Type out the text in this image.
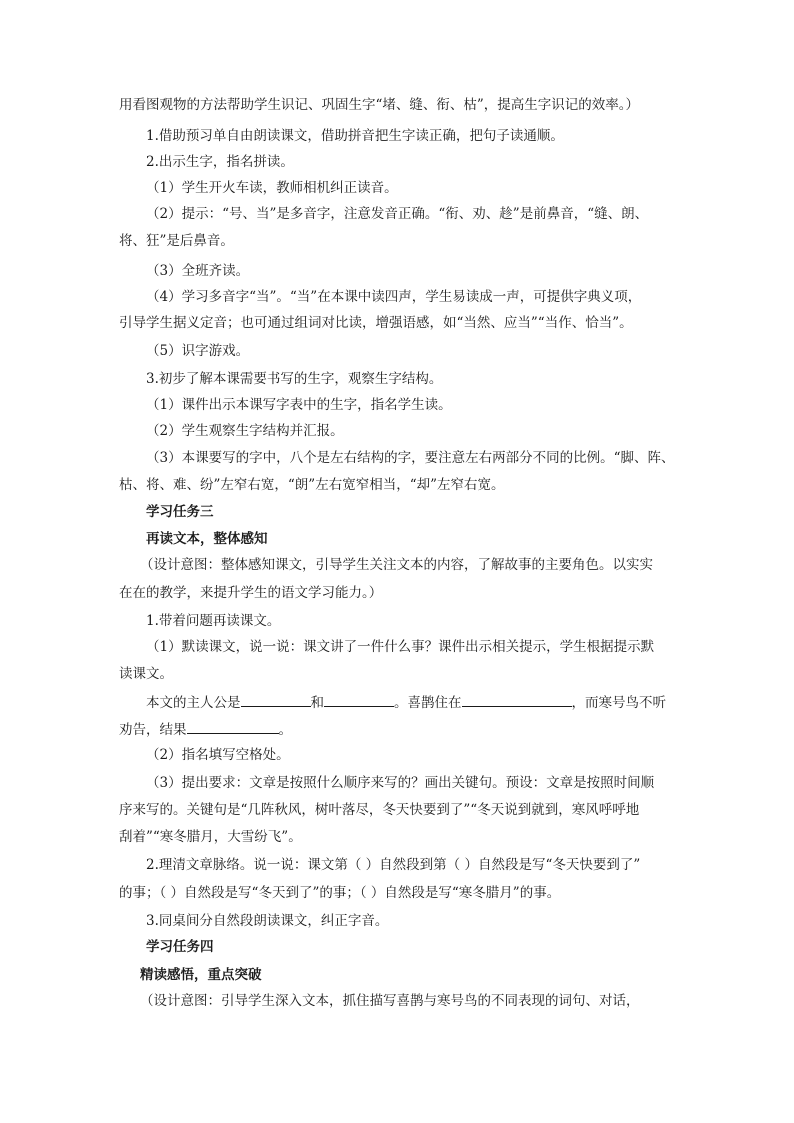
用看图观物的方法帮助学生识记、巩固生字“堵、缝、衔、枯”，提高生字识记的效率。）
1.借助预习单自由朗读课文，借助拼音把生字读正确，把句子读通顺。
2.出示生字，指名拼读。
（1）学生开火车读，教师相机纠正读音。
（2）提示：“号、当”是多音字，注意发音正确。“衔、劝、趁”是前鼻音，“缝、朗、
将、狂”是后鼻音。
（3）全班齐读。
（4）学习多音字“当”。“当”在本课中读四声，学生易读成一声，可提供字典义项，
引导学生据义定音；也可通过组词对比读，增强语感，如“当然、应当”“当作、恰当”。
（5）识字游戏。
3.初步了解本课需要书写的生字，观察生字结构。
（1）课件出示本课写字表中的生字，指名学生读。
（2）学生观察生字结构并汇报。
（3）本课要写的字中，八个是左右结构的字，要注意左右两部分不同的比例。“脚、阵、
枯、将、难、纷”左窄右宽，“朗”左右宽窄相当，“却”左窄右宽。
学习任务三
再读文本，整体感知
（设计意图：整体感知课文，引导学生关注文本的内容，了解故事的主要角色。以实实
在在的教学，来提升学生的语文学习能力。）
1.带着问题再读课文。
（1）默读课文，说一说：课文讲了一件什么事？课件出示相关提示，学生根据提示默
读课文。
本文的主人公是	和	。喜鹊住在	，而寒号鸟不听
劝告，结果	。
（2）指名填写空格处。
（3）提出要求：文章是按照什么顺序来写的？画出关键句。预设：文章是按照时间顺
序来写的。关键句是“几阵秋风，树叶落尽，冬天快要到了”“冬天说到就到，寒风呼呼地
刮着”“寒冬腊月，大雪纷飞”。
2.理清文章脉络。说一说：课文第（ ）自然段到第（ ）自然段是写“冬天快要到了”
的事；（ ）自然段是写“冬天到了”的事；（ ）自然段是写“寒冬腊月”的事。
3.同桌间分自然段朗读课文，纠正字音。
学习任务四
精读感悟，重点突破
（设计意图：引导学生深入文本，抓住描写喜鹊与寒号鸟的不同表现的词句、对话，
